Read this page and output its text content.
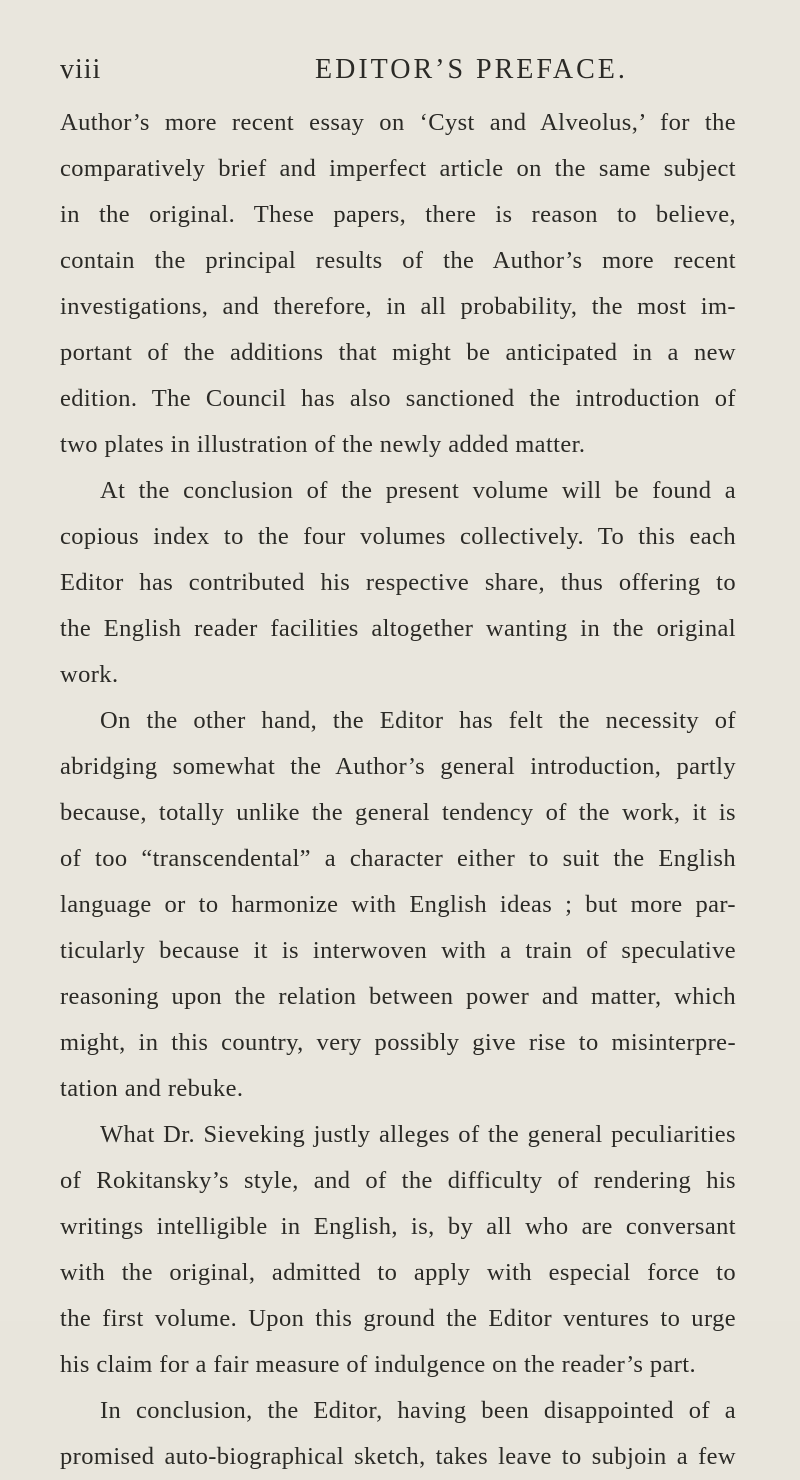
viii	EDITOR’S PREFACE.
Author’s more recent essay on ‘Cyst and Alveolus,’ for the
comparatively brief and imperfect article on the same subject
in the original. These papers, there is reason to believe,
contain the principal results of the Author’s more recent
investigations, and therefore, in all probability, the most im-
portant of the additions that might be anticipated in a new
edition. The Council has also sanctioned the introduction of
two plates in illustration of the newly added matter.
At the conclusion of the present volume will be found a
copious index to the four volumes collectively. To this each
Editor has contributed his respective share, thus offering to
the English reader facilities altogether wanting in the original
work.
On the other hand, the Editor has felt the necessity of
abridging somewhat the Author’s general introduction, partly
because, totally unlike the general tendency of the work, it is
of too “transcendental” a character either to suit the English
language or to harmonize with English ideas ; but more par-
ticularly because it is interwoven with a train of speculative
reasoning upon the relation between power and matter, which
might, in this country, very possibly give rise to misinterpre-
tation and rebuke.
What Dr. Sieveking justly alleges of the general peculiarities
of Rokitansky’s style, and of the difficulty of rendering his
writings intelligible in English, is, by all who are conversant
with the original, admitted to apply with especial force to
the first volume. Upon this ground the Editor ventures to urge
his claim for a fair measure of indulgence on the reader’s part.
In conclusion, the Editor, having been disappointed of a
promised auto-biographical sketch, takes leave to subjoin a few
